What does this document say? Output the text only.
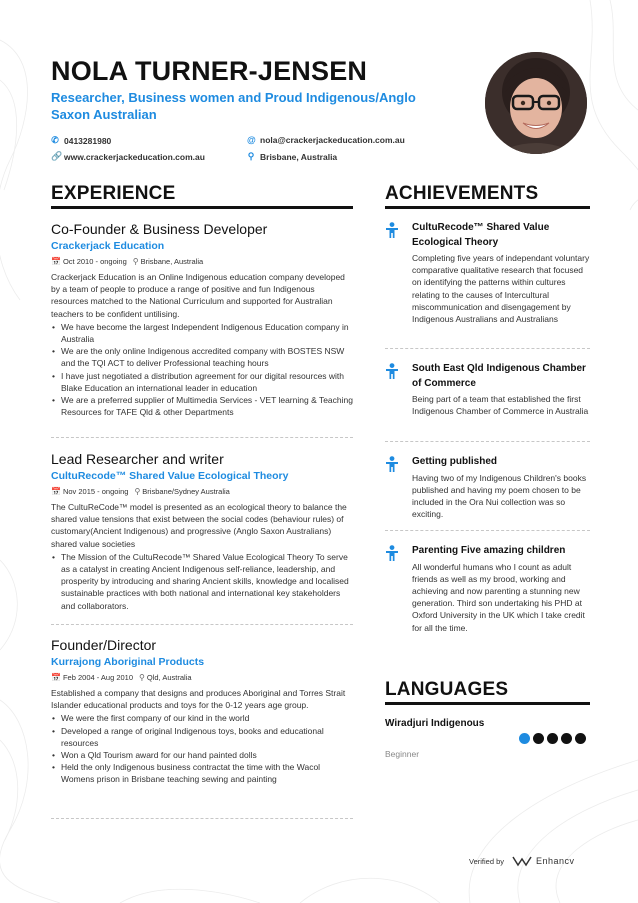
NOLA TURNER-JENSEN
Researcher, Business women and Proud Indigenous/Anglo Saxon Australian
✆ 0413281980	@ nola@crackerjackeducation.com.au
🔗 www.crackerjackeducation.com.au	⚲ Brisbane, Australia
EXPERIENCE
Co-Founder & Business Developer
Crackerjack Education
📅 Oct 2010 - ongoing ⚲ Brisbane, Australia
Crackerjack Education is an Online Indigenous education company developed by a team of people to produce a range of positive and fun Indigenous resources matched to the National Curriculum and supported for Australian teachers to be confident untilising.
• We have become the largest Independent Indigenous Education company in Australia
• We are the only online Indigenous accredited company with BOSTES NSW and the TQI ACT to deliver Professional teaching hours
• I have just negotiated a distribution agreement for our digital resources with Blake Education an international leader in education
• We are a preferred supplier of Multimedia Services - VET learning & Teaching Resources for TAFE Qld & other Departments
Lead Researcher and writer
CultuRecode™ Shared Value Ecological Theory
📅 Nov 2015 - ongoing ⚲ Brisbane/Sydney Australia
The CultuReCode™ model is presented as an ecological theory to balance the shared value tensions that exist between the social codes (behaviour rules) of customary(Ancient Indigenous) and progressive (Anglo Saxon Australians) shared value societies
• The Mission of the CultuRecode™ Shared Value Ecological Theory To serve as a catalyst in creating Ancient Indigenous self-reliance, leadership, and prosperity by introducing and sharing Ancient skills, knowledge and localised sustainable practices with both national and international key stakeholders and collaborators.
Founder/Director
Kurrajong Aboriginal Products
📅 Feb 2004 - Aug 2010 ⚲ Qld, Australia
Established a company that designs and produces Aboriginal and Torres Strait Islander educational products and toys for the 0-12 years age group.
• We were the first company of our kind in the world
• Developed a range of original Indigenous toys, books and educational resources
• Won a Qld Tourism award for our hand painted dolls
• Held the only Indigenous business contractat the time with the Wacol Womens prison in Brisbane teaching sewing and painting
ACHIEVEMENTS
CultuRecode™ Shared Value Ecological Theory
Completing five years of independant voluntary comparative qualitative research that focused on identifying the patterns within cultures relating to the causes of Intercultural miscommunication and disengagement by Indigenous Australians and Australians
South East Qld Indigenous Chamber of Commerce
Being part of a team that established the first Indigenous Chamber of Commerce in Australia
Getting published
Having two of my Indigenous Children's books published and having my poem chosen to be included in the Ora Nui collection was so exciting.
Parenting Five amazing children
All wonderful humans who I count as adult friends as well as my brood, working and achieving and now parenting a stunning new generation. Third son undertaking his PHD at Oxford University in the UK which I take credit for all the time.
LANGUAGES
Wiradjuri Indigenous
Beginner
Verified by	Enhancv
